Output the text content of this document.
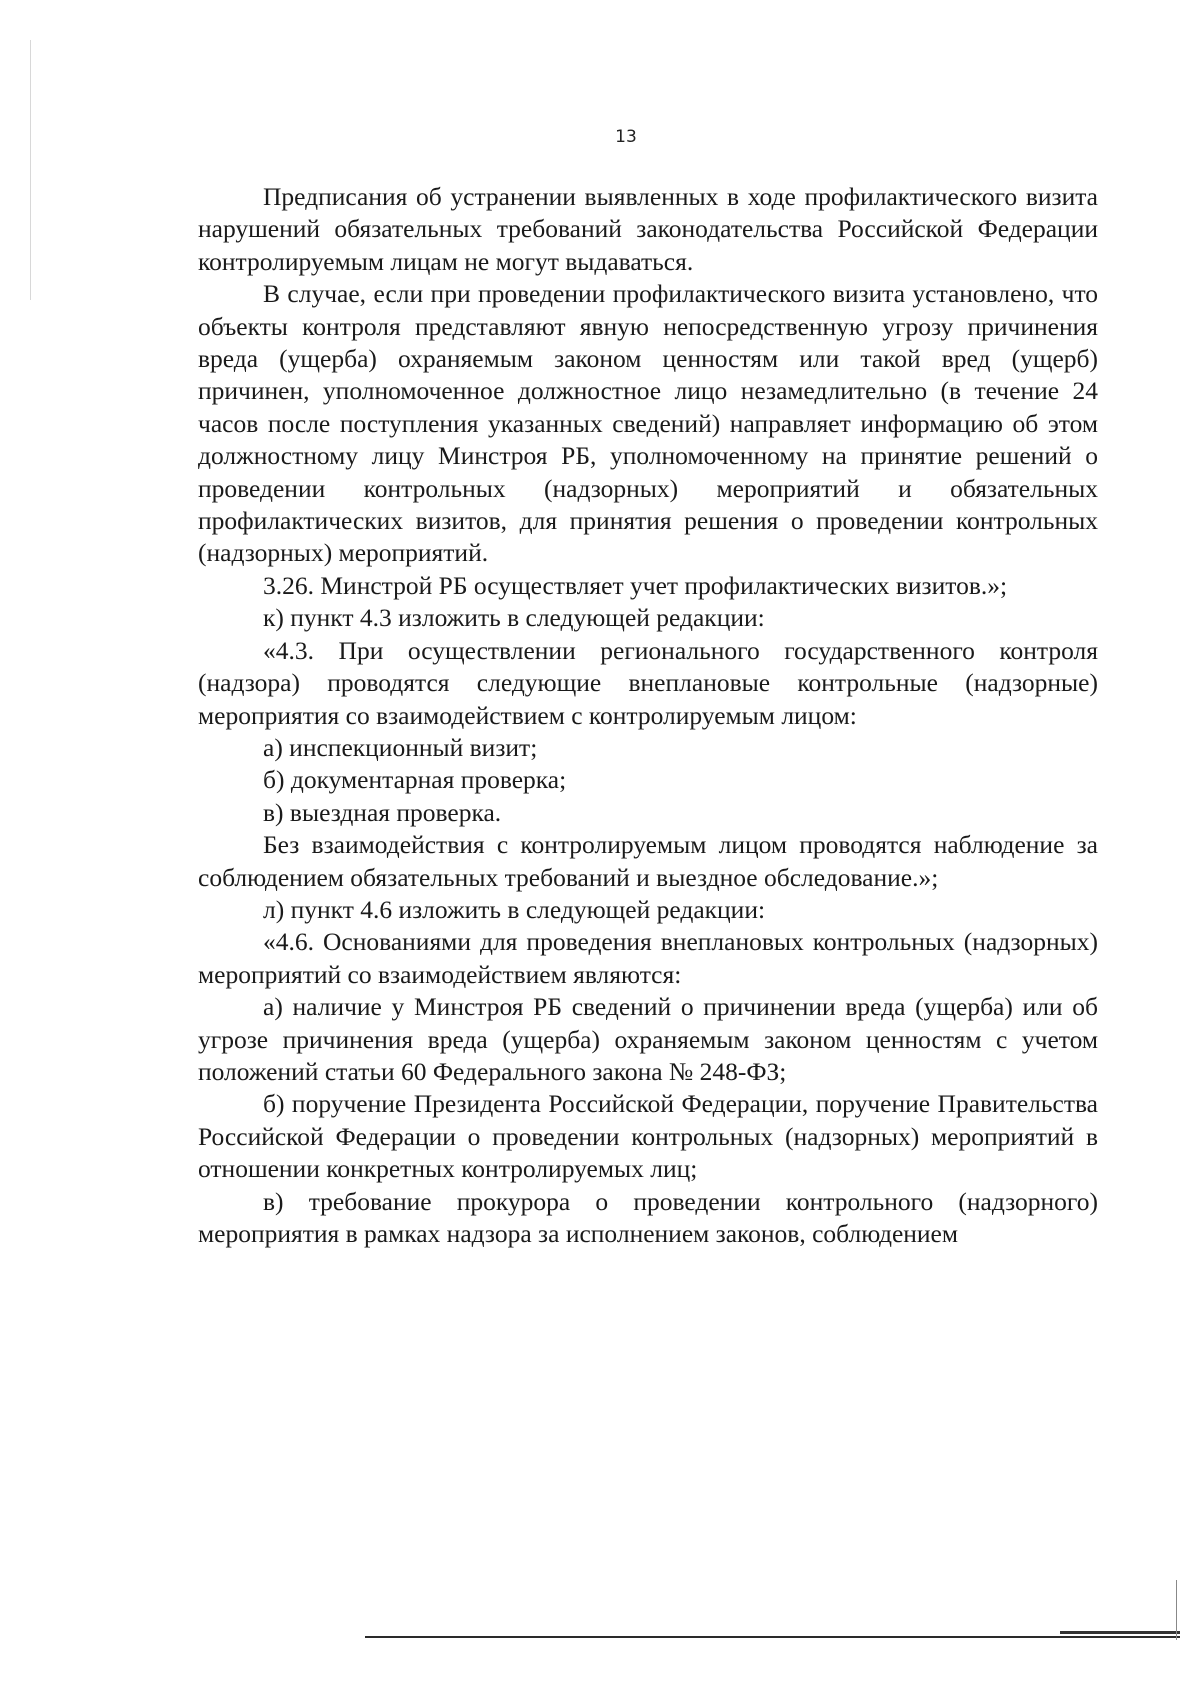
13

Предписания об устранении выявленных в ходе профилактического визита нарушений обязательных требований законодательства Российской Федерации контролируемым лицам не могут выдаваться.

В случае, если при проведении профилактического визита установлено, что объекты контроля представляют явную непосредственную угрозу причинения вреда (ущерба) охраняемым законом ценностям или такой вред (ущерб) причинен, уполномоченное должностное лицо незамедлительно (в течение 24 часов после поступления указанных сведений) направляет информацию об этом должностному лицу Минстроя РБ, уполномоченному на принятие решений о проведении контрольных (надзорных) мероприятий и обязательных профилактических визитов, для принятия решения о проведении контрольных (надзорных) мероприятий.

3.26. Минстрой РБ осуществляет учет профилактических визитов.»;

к) пункт 4.3 изложить в следующей редакции:

«4.3. При осуществлении регионального государственного контроля (надзора) проводятся следующие внеплановые контрольные (надзорные) мероприятия со взаимодействием с контролируемым лицом:

а) инспекционный визит;

б) документарная проверка;

в) выездная проверка.

Без взаимодействия с контролируемым лицом проводятся наблюдение за соблюдением обязательных требований и выездное обследование.»;

л) пункт 4.6 изложить в следующей редакции:

«4.6. Основаниями для проведения внеплановых контрольных (надзорных) мероприятий со взаимодействием являются:

а) наличие у Минстроя РБ сведений о причинении вреда (ущерба) или об угрозе причинения вреда (ущерба) охраняемым законом ценностям с учетом положений статьи 60 Федерального закона № 248-ФЗ;

б) поручение Президента Российской Федерации, поручение Правительства Российской Федерации о проведении контрольных (надзорных) мероприятий в отношении конкретных контролируемых лиц;

в) требование прокурора о проведении контрольного (надзорного) мероприятия в рамках надзора за исполнением законов, соблюдением
